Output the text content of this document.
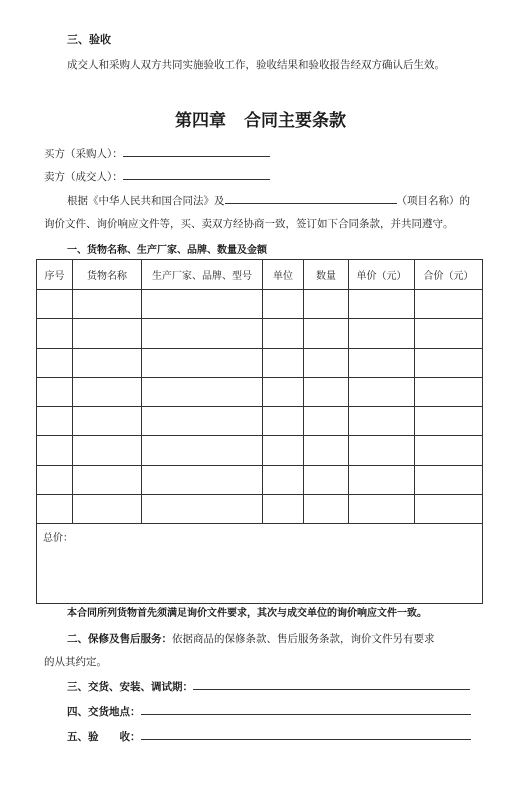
三、验收
成交人和采购人双方共同实施验收工作，验收结果和验收报告经双方确认后生效。
第四章 合同主要条款
买方（采购人）：
卖方（成交人）：
根据《中华人民共和国合同法》及	（项目名称）的
询价文件、询价响应文件等，买、卖双方经协商一致，签订如下合同条款，并共同遵守。
一、货物名称、生产厂家、品牌、数量及金额
序号	货物名称	生产厂家、品牌、型号	单位	数量	单价（元）	合价（元）

总价：						
本合同所列货物首先须满足询价文件要求，其次与成交单位的询价响应文件一致。
二、保修及售后服务：依据商品的保修条款、售后服务条款，询价文件另有要求
的从其约定。
三、交货、安装、调试期：
四、交货地点：
五、验　　收：
